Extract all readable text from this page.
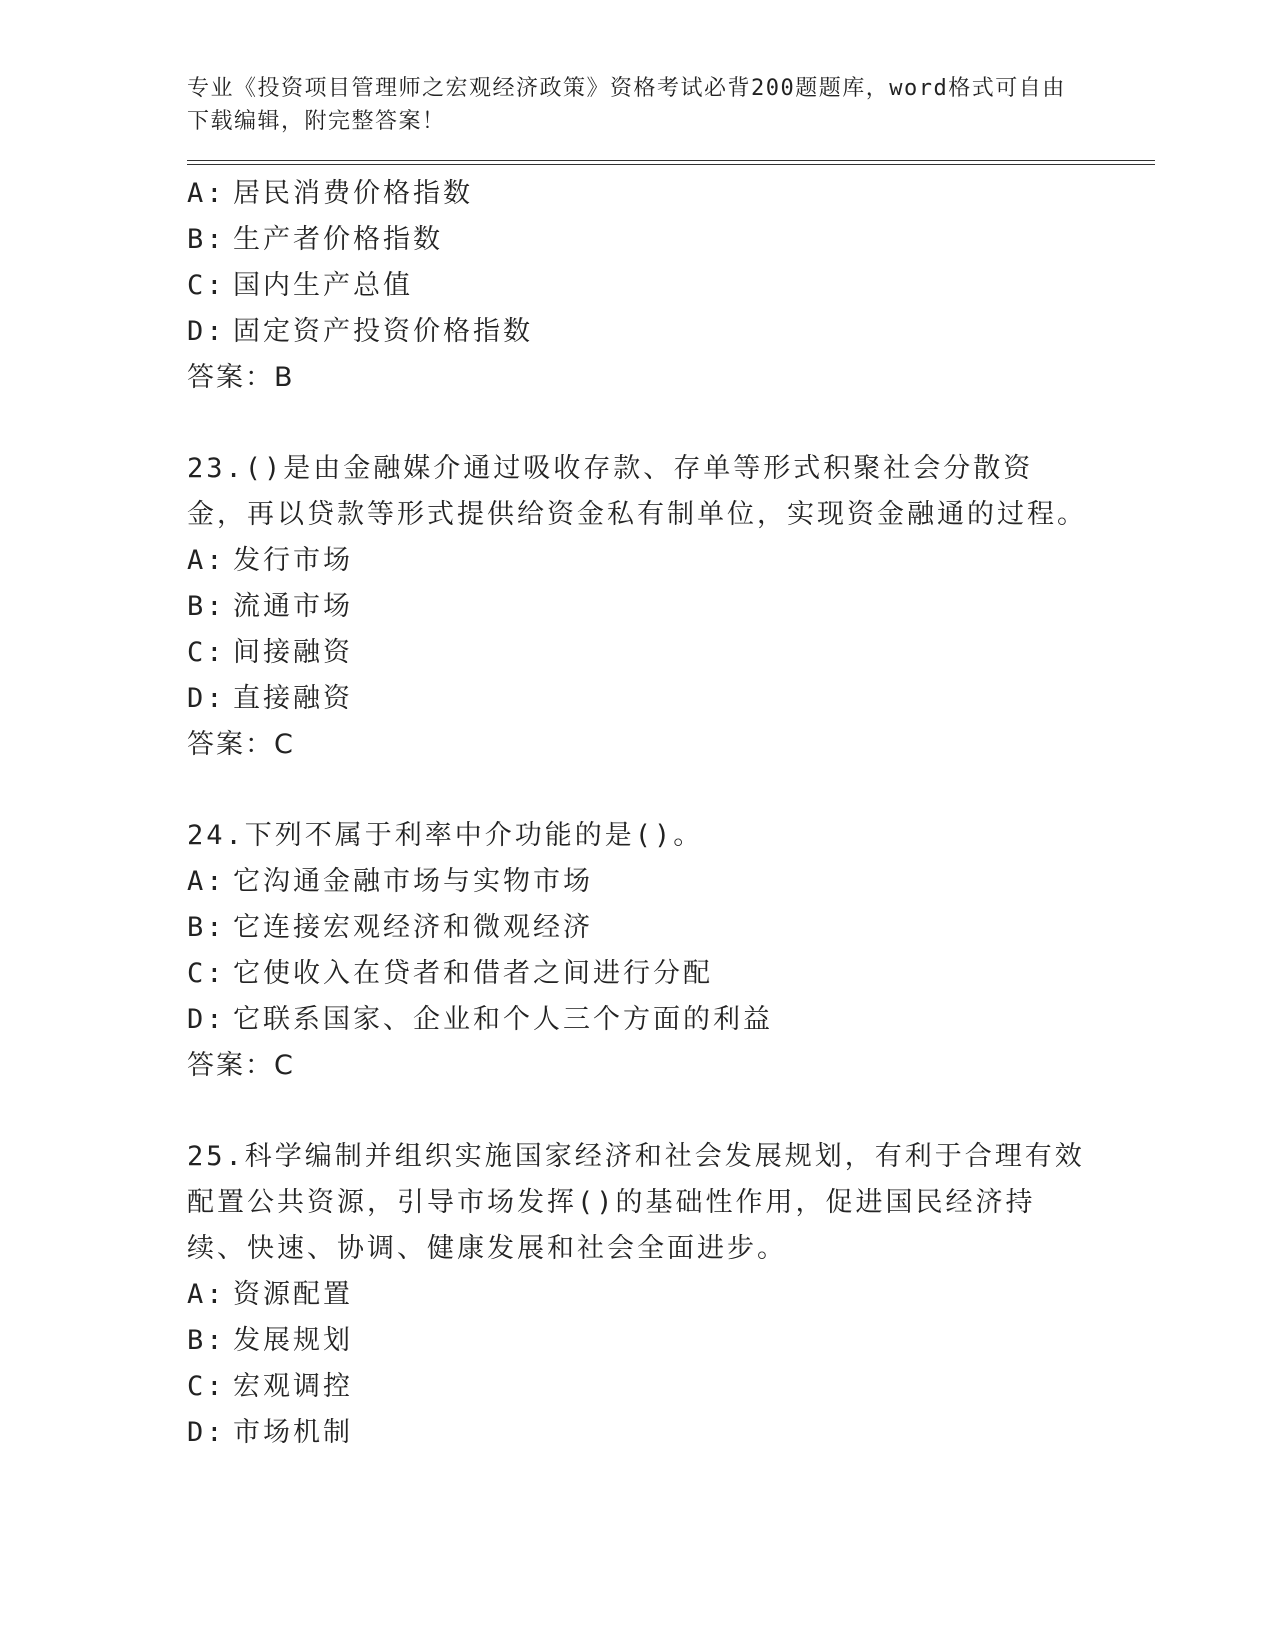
专业《投资项目管理师之宏观经济政策》资格考试必背200题题库，word格式可自由下载编辑，附完整答案！
A: 居民消费价格指数
B: 生产者价格指数
C: 国内生产总值
D: 固定资产投资价格指数
答案：B
23.()是由金融媒介通过吸收存款、存单等形式积聚社会分散资金，再以贷款等形式提供给资金私有制单位，实现资金融通的过程。
A: 发行市场
B: 流通市场
C: 间接融资
D: 直接融资
答案：C
24.下列不属于利率中介功能的是()。
A: 它沟通金融市场与实物市场
B: 它连接宏观经济和微观经济
C: 它使收入在贷者和借者之间进行分配
D: 它联系国家、企业和个人三个方面的利益
答案：C
25.科学编制并组织实施国家经济和社会发展规划，有利于合理有效配置公共资源，引导市场发挥()的基础性作用，促进国民经济持续、快速、协调、健康发展和社会全面进步。
A: 资源配置
B: 发展规划
C: 宏观调控
D: 市场机制
